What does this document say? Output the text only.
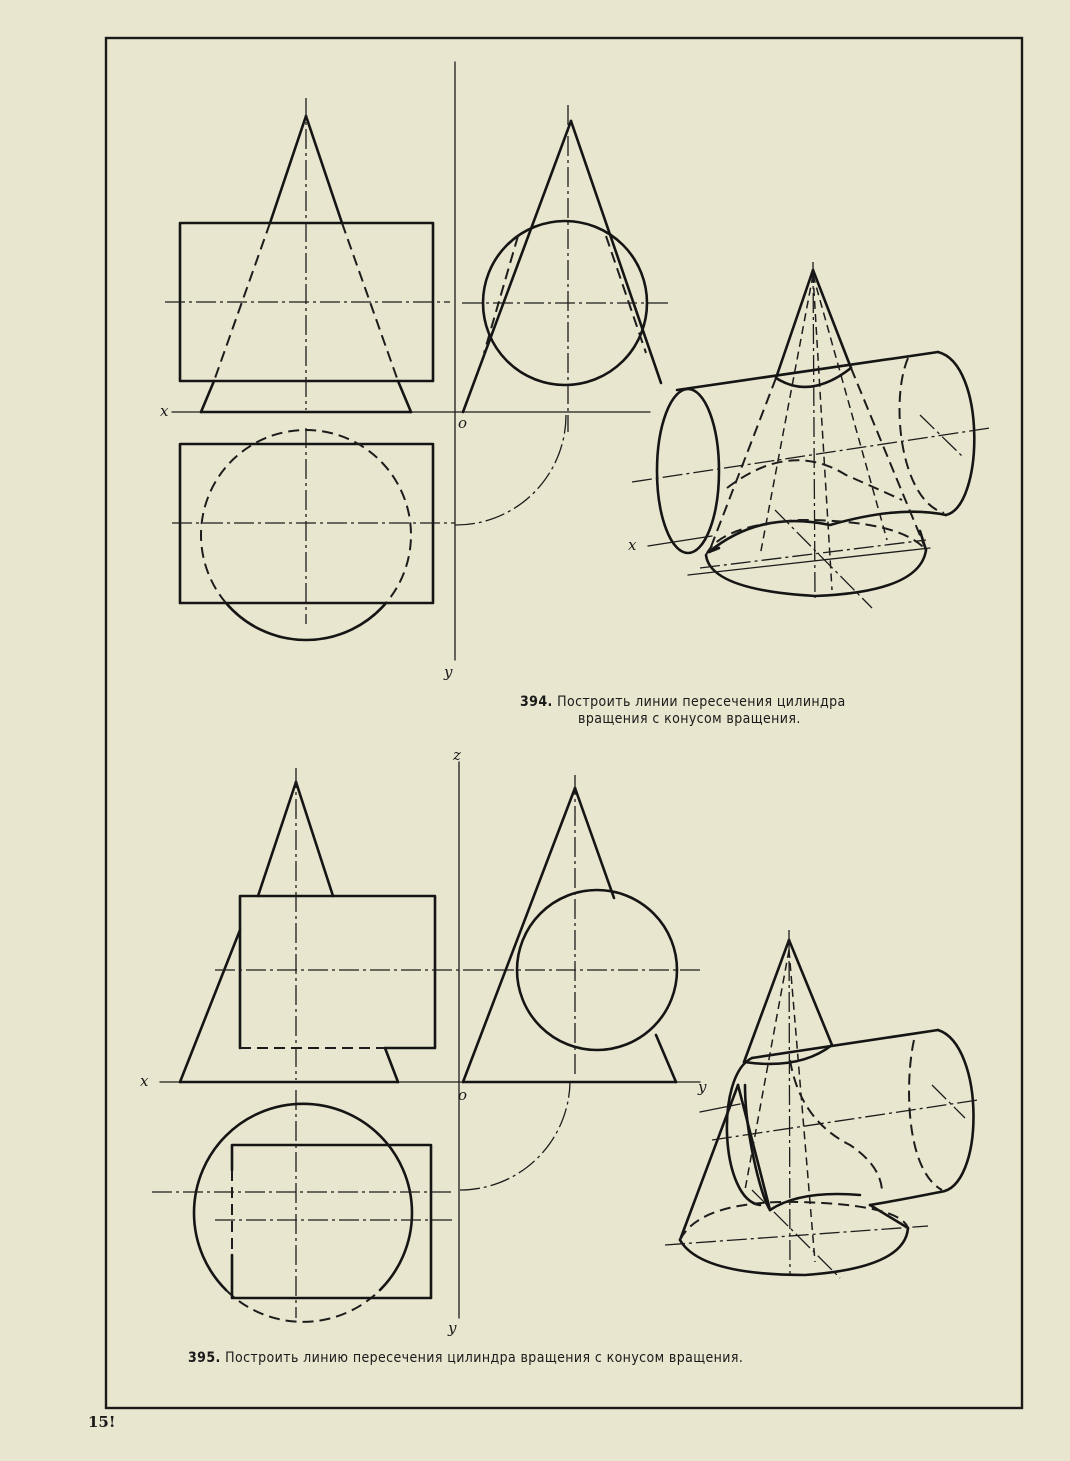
x
o
y
x
z
x
o	y
y
394. Построить линии пересечения цилиндра
вращения с конусом вращения.
395. Построить линию пересечения цилиндра вращения с конусом вращения.
15!
